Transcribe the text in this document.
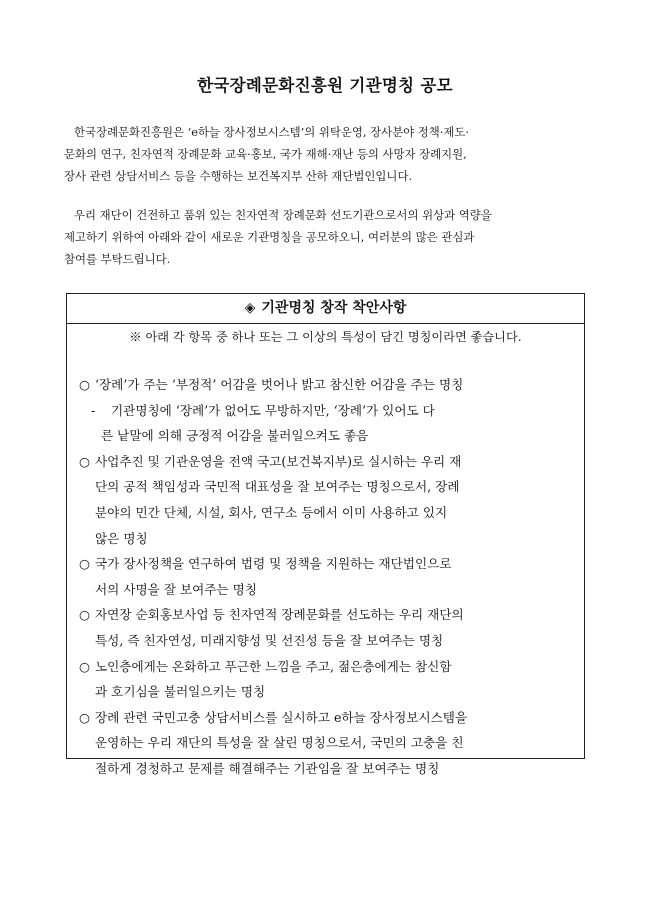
한국장례문화진흥원 기관명칭 공모
한국장례문화진흥원은 ‘e하늘 장사정보시스템’의 위탁운영, 장사분야 정책·제도·
문화의 연구, 친자연적 장례문화 교육·홍보, 국가 재해·재난 등의 사망자 장례지원,
장사 관련 상담서비스 등을 수행하는 보건복지부 산하 재단법인입니다.
우리 재단이 건전하고 품위 있는 친자연적 장례문화 선도기관으로서의 위상과 역량을
제고하기 위하여 아래와 같이 새로운 기관명칭을 공모하오니, 여러분의 많은 관심과
참여를 부탁드립니다.
◈ 기관명칭 창작 착안사항
※ 아래 각 항목 중 하나 또는 그 이상의 특성이 담긴 명칭이라면 좋습니다.
○ ‘장례’가 주는 ‘부정적’ 어감을 벗어나 밝고 참신한 어감을 주는 명칭
- 기관명칭에 ‘장례’가 없어도 무방하지만, ‘장례’가 있어도 다
른 낱말에 의해 긍정적 어감을 불러일으켜도 좋음
○ 사업추진 및 기관운영을 전액 국고(보건복지부)로 실시하는 우리 재
단의 공적 책임성과 국민적 대표성을 잘 보여주는 명칭으로서, 장례
분야의 민간 단체, 시설, 회사, 연구소 등에서 이미 사용하고 있지
않은 명칭
○ 국가 장사정책을 연구하여 법령 및 정책을 지원하는 재단법인으로
서의 사명을 잘 보여주는 명칭
○ 자연장 순회홍보사업 등 친자연적 장례문화를 선도하는 우리 재단의
특성, 즉 친자연성, 미래지향성 및 선진성 등을 잘 보여주는 명칭
○ 노인층에게는 온화하고 푸근한 느낌을 주고, 젊은층에게는 참신함
과 호기심을 불러일으키는 명칭
○ 장례 관련 국민고충 상담서비스를 실시하고 e하늘 장사정보시스템을
운영하는 우리 재단의 특성을 잘 살린 명칭으로서, 국민의 고충을 친
절하게 경청하고 문제를 해결해주는 기관임을 잘 보여주는 명칭
